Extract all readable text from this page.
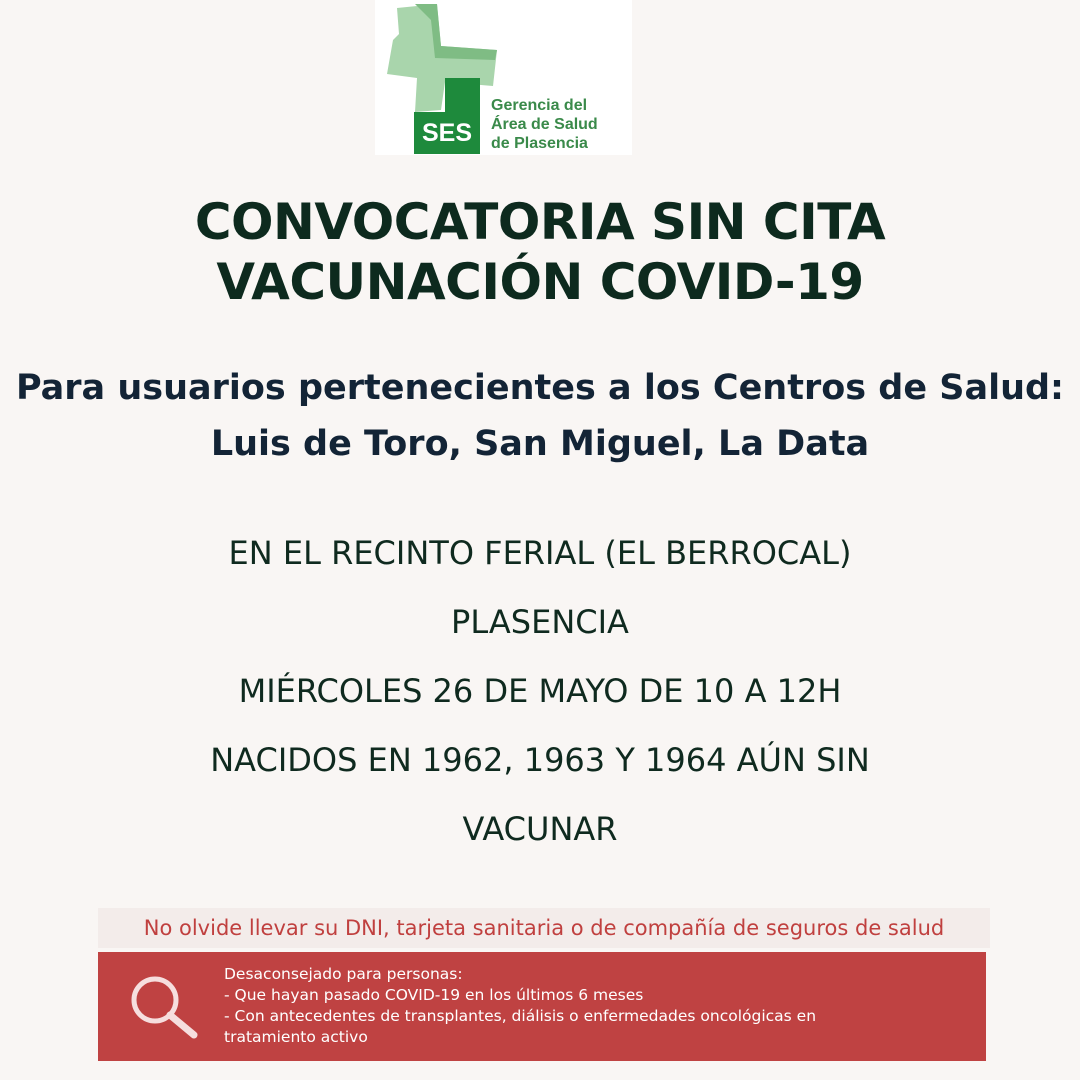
SES
Gerencia del
Área de Salud
de Plasencia
CONVOCATORIA SIN CITA
VACUNACIÓN COVID-19
Para usuarios pertenecientes a los Centros de Salud:
Luis de Toro, San Miguel, La Data
EN EL RECINTO FERIAL (EL BERROCAL)
PLASENCIA
MIÉRCOLES 26 DE MAYO DE 10 A 12H
NACIDOS EN 1962, 1963 Y 1964 AÚN SIN
VACUNAR
No olvide llevar su DNI, tarjeta sanitaria o de compañía de seguros de salud
Desaconsejado para personas:
- Que hayan pasado COVID-19 en los últimos 6 meses
- Con antecedentes de transplantes, diálisis o enfermedades oncológicas en
tratamiento activo
